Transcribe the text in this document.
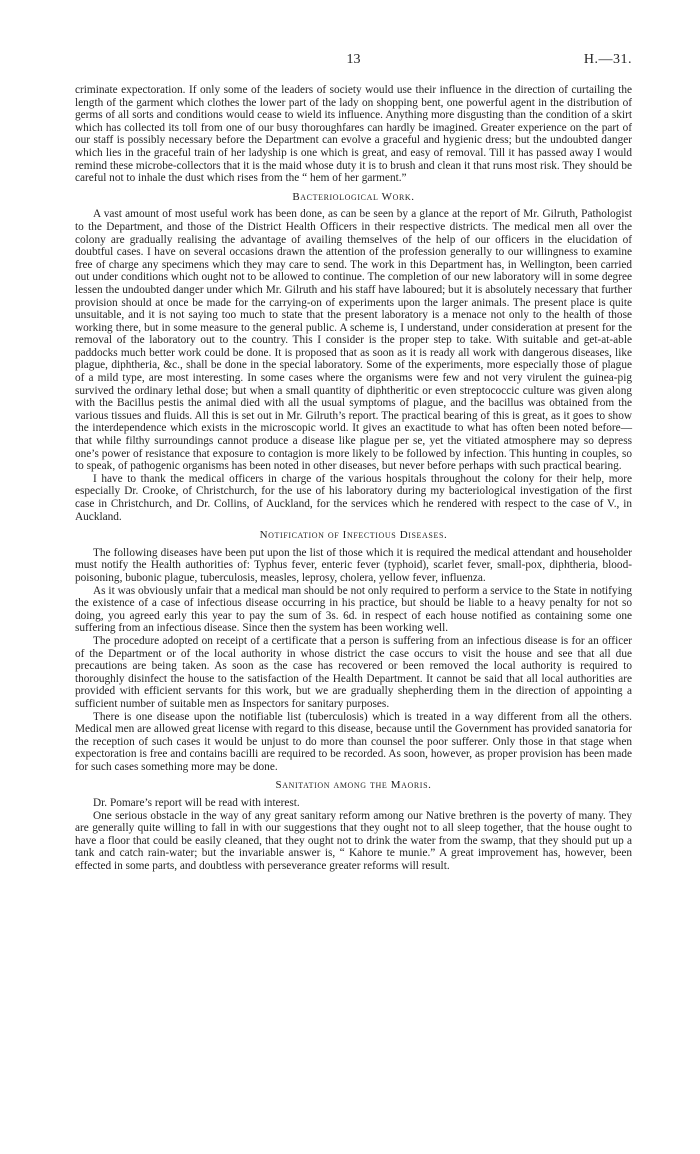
13	H.—31.

criminate expectoration. If only some of the leaders of society would use their influence in the direction of curtailing the length of the garment which clothes the lower part of the lady on shopping bent, one powerful agent in the distribution of germs of all sorts and conditions would cease to wield its influence. Anything more disgusting than the condition of a skirt which has collected its toll from one of our busy thoroughfares can hardly be imagined. Greater experience on the part of our staff is possibly necessary before the Department can evolve a graceful and hygienic dress; but the undoubted danger which lies in the graceful train of her ladyship is one which is great, and easy of removal. Till it has passed away I would remind these microbe-collectors that it is the maid whose duty it is to brush and clean it that runs most risk. They should be careful not to inhale the dust which rises from the “ hem of her garment.”

Bacteriological Work.

A vast amount of most useful work has been done, as can be seen by a glance at the report of Mr. Gilruth, Pathologist to the Department, and those of the District Health Officers in their respective districts. The medical men all over the colony are gradually realising the advantage of availing themselves of the help of our officers in the elucidation of doubtful cases. I have on several occasions drawn the attention of the profession generally to our willingness to examine free of charge any specimens which they may care to send. The work in this Department has, in Wellington, been carried out under conditions which ought not to be allowed to continue. The completion of our new laboratory will in some degree lessen the undoubted danger under which Mr. Gilruth and his staff have laboured; but it is absolutely necessary that further provision should at once be made for the carrying-on of experiments upon the larger animals. The present place is quite unsuitable, and it is not saying too much to state that the present laboratory is a menace not only to the health of those working there, but in some measure to the general public. A scheme is, I understand, under consideration at present for the removal of the laboratory out to the country. This I consider is the proper step to take. With suitable and get-at-able paddocks much better work could be done. It is proposed that as soon as it is ready all work with dangerous diseases, like plague, diphtheria, &c., shall be done in the special laboratory. Some of the experiments, more especially those of plague of a mild type, are most interesting. In some cases where the organisms were few and not very virulent the guinea-pig survived the ordinary lethal dose; but when a small quantity of diphtheritic or even streptococcic culture was given along with the Bacillus pestis the animal died with all the usual symptoms of plague, and the bacillus was obtained from the various tissues and fluids. All this is set out in Mr. Gilruth’s report. The practical bearing of this is great, as it goes to show the interdependence which exists in the microscopic world. It gives an exactitude to what has often been noted before—that while filthy surroundings cannot produce a disease like plague per se, yet the vitiated atmosphere may so depress one’s power of resistance that exposure to contagion is more likely to be followed by infection. This hunting in couples, so to speak, of pathogenic organisms has been noted in other diseases, but never before perhaps with such practical bearing.

I have to thank the medical officers in charge of the various hospitals throughout the colony for their help, more especially Dr. Crooke, of Christchurch, for the use of his laboratory during my bacteriological investigation of the first case in Christchurch, and Dr. Collins, of Auckland, for the services which he rendered with respect to the case of V., in Auckland.

Notification of Infectious Diseases.

The following diseases have been put upon the list of those which it is required the medical attendant and householder must notify the Health authorities of: Typhus fever, enteric fever (typhoid), scarlet fever, small-pox, diphtheria, blood-poisoning, bubonic plague, tuberculosis, measles, leprosy, cholera, yellow fever, influenza.

As it was obviously unfair that a medical man should be not only required to perform a service to the State in notifying the existence of a case of infectious disease occurring in his practice, but should be liable to a heavy penalty for not so doing, you agreed early this year to pay the sum of 3s. 6d. in respect of each house notified as containing some one suffering from an infectious disease. Since then the system has been working well.

The procedure adopted on receipt of a certificate that a person is suffering from an infectious disease is for an officer of the Department or of the local authority in whose district the case occurs to visit the house and see that all due precautions are being taken. As soon as the case has recovered or been removed the local authority is required to thoroughly disinfect the house to the satisfaction of the Health Department. It cannot be said that all local authorities are provided with efficient servants for this work, but we are gradually shepherding them in the direction of appointing a sufficient number of suitable men as Inspectors for sanitary purposes.

There is one disease upon the notifiable list (tuberculosis) which is treated in a way different from all the others. Medical men are allowed great license with regard to this disease, because until the Government has provided sanatoria for the reception of such cases it would be unjust to do more than counsel the poor sufferer. Only those in that stage when expectoration is free and contains bacilli are required to be recorded. As soon, however, as proper provision has been made for such cases something more may be done.

Sanitation among the Maoris.

Dr. Pomare’s report will be read with interest.

One serious obstacle in the way of any great sanitary reform among our Native brethren is the poverty of many. They are generally quite willing to fall in with our suggestions that they ought not to all sleep together, that the house ought to have a floor that could be easily cleaned, that they ought not to drink the water from the swamp, that they should put up a tank and catch rain-water; but the invariable answer is, “ Kahore te munie.” A great improvement has, however, been effected in some parts, and doubtless with perseverance greater reforms will result.
